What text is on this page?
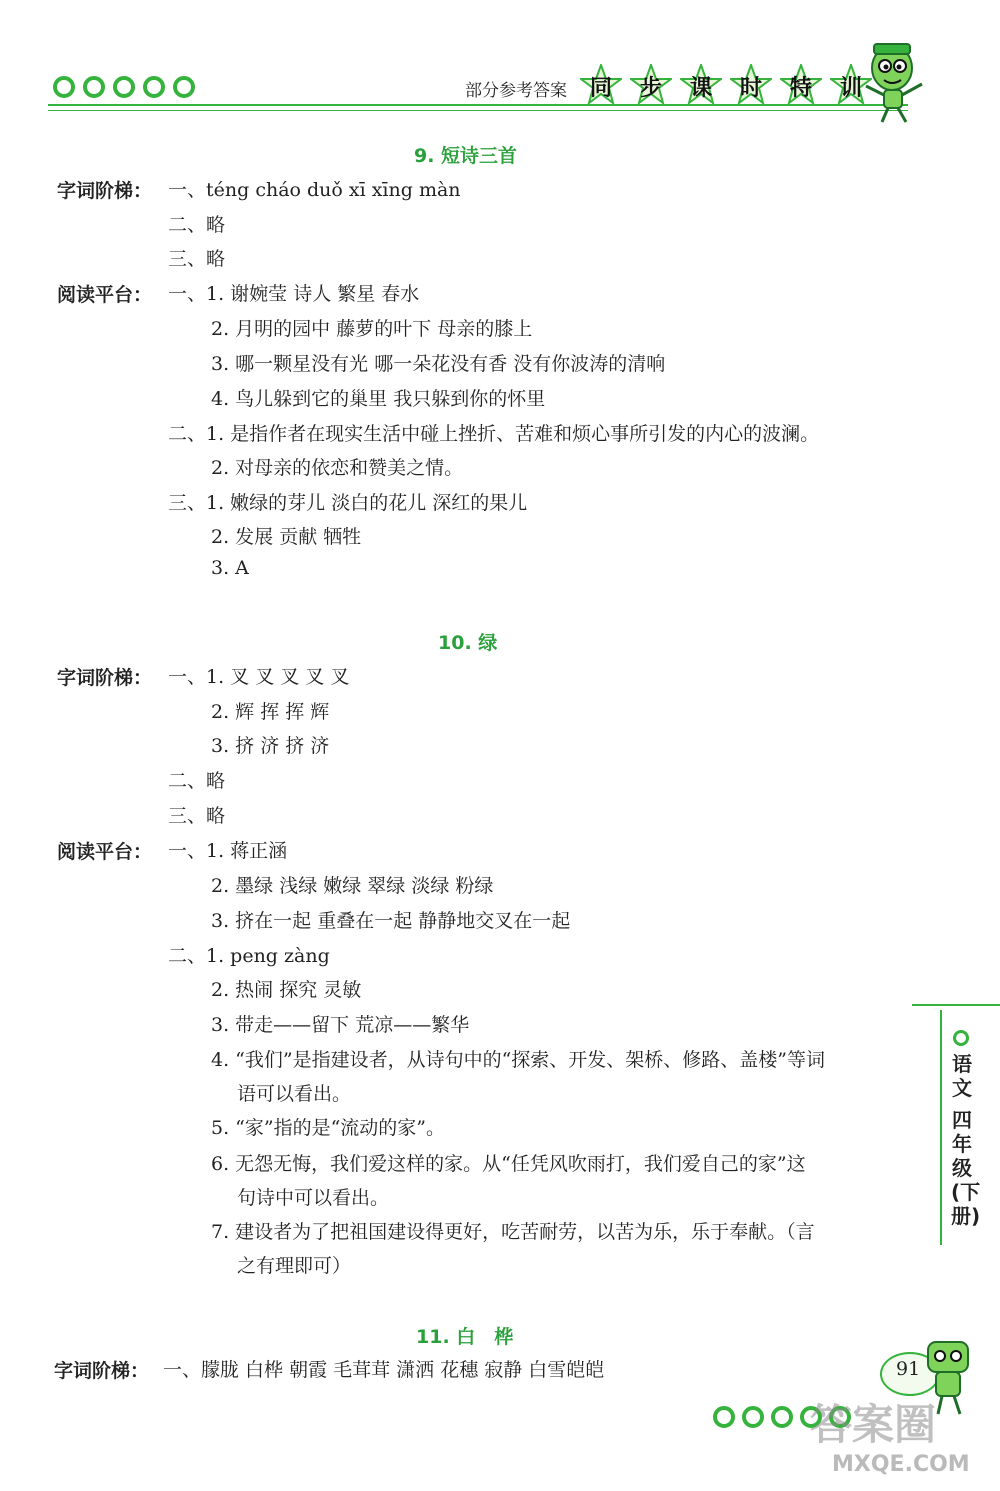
部分参考答案	同	步	课	时	特	训
9. 短诗三首
字词阶梯： 一、téng cháo duǒ xī xīng màn
二、略
三、略
阅读平台： 一、1. 谢婉莹 诗人 繁星 春水
2. 月明的园中 藤萝的叶下 母亲的膝上
3. 哪一颗星没有光 哪一朵花没有香 没有你波涛的清响
4. 鸟儿躲到它的巢里 我只躲到你的怀里
二、1. 是指作者在现实生活中碰上挫折、苦难和烦心事所引发的内心的波澜。
2. 对母亲的依恋和赞美之情。
三、1. 嫩绿的芽儿 淡白的花儿 深红的果儿
2. 发展 贡献 牺牲
3. A
10. 绿
字词阶梯： 一、1. 叉 叉 叉 叉 叉
2. 辉 挥 挥 辉
3. 挤 济 挤 济
二、略
三、略
阅读平台： 一、1. 蒋正涵
2. 墨绿 浅绿 嫩绿 翠绿 淡绿 粉绿
3. 挤在一起 重叠在一起 静静地交叉在一起
二、1. peng zàng
2. 热闹 探究 灵敏
3. 带走——留下 荒凉——繁华
4. “我们”是指建设者，从诗句中的“探索、开发、架桥、修路、盖楼”等词
语可以看出。
5. “家”指的是“流动的家”。
6. 无怨无悔，我们爱这样的家。从“任凭风吹雨打，我们爱自己的家”这
句诗中可以看出。
7. 建设者为了把祖国建设得更好，吃苦耐劳，以苦为乐，乐于奉献。（言
之有理即可）
11. 白　桦
字词阶梯： 一、朦胧 白桦 朝霞 毛茸茸 潇洒 花穗 寂静 白雪皑皑
语文
四年级
(下册)
91
答案圈
MXQE.COM
